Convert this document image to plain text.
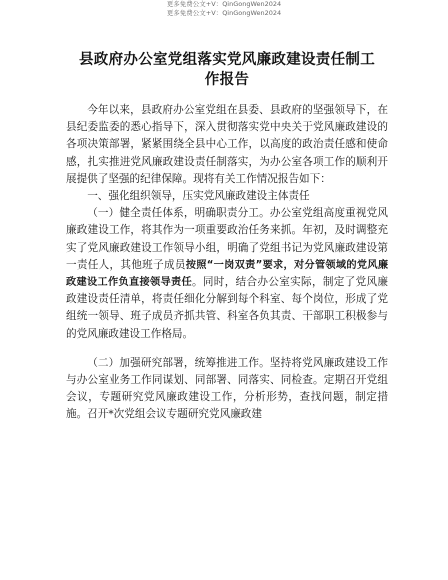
更多免费公文+V：QinGongWen2024
更多免费公文+V：QinGongWen2024

县政府办公室党组落实党风廉政建设责任制工

作报告

今年以来，县政府办公室党组在县委、县政府的坚强领导下，在县纪委监委的悉心指导下，深入贯彻落实党中央关于党风廉政建设的各项决策部署，紧紧围绕全县中心工作，以高度的政治责任感和使命感，扎实推进党风廉政建设责任制落实，为办公室各项工作的顺利开展提供了坚强的纪律保障。现将有关工作情况报告如下：

一、强化组织领导，压实党风廉政建设主体责任

（一）健全责任体系，明确职责分工。办公室党组高度重视党风廉政建设工作，将其作为一项重要政治任务来抓。年初，及时调整充实了党风廉政建设工作领导小组，明确了党组书记为党风廉政建设第一责任人，其他班子成员按照“一岗双责”要求，对分管领域的党风廉政建设工作负直接领导责任。同时，结合办公室实际，制定了党风廉政建设责任清单，将责任细化分解到每个科室、每个岗位，形成了党组统一领导、班子成员齐抓共管、科室各负其责、干部职工积极参与的党风廉政建设工作格局。

（二）加强研究部署，统筹推进工作。坚持将党风廉政建设工作与办公室业务工作同谋划、同部署、同落实、同检查。定期召开党组会议，专题研究党风廉政建设工作，分析形势，查找问题，制定措施。召开*次党组会议专题研究党风廉政建
